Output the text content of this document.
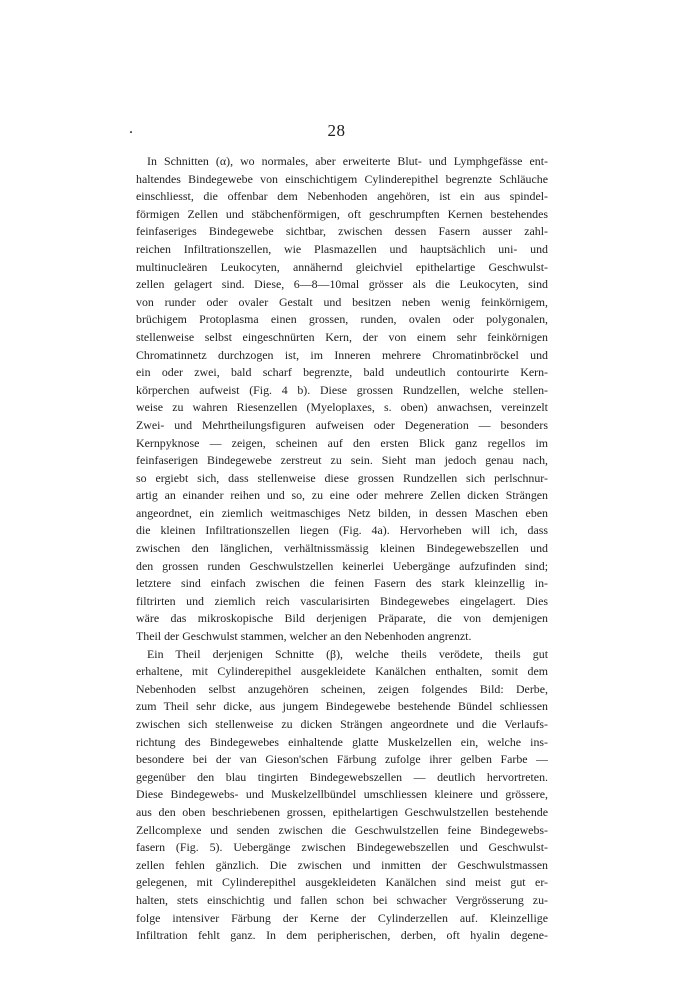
.	28
In Schnitten (α), wo normales, aber erweiterte Blut- und Lymphgefässe ent-
haltendes Bindegewebe von einschichtigem Cylinderepithel begrenzte Schläuche
einschliesst, die offenbar dem Nebenhoden angehören, ist ein aus spindel-
förmigen Zellen und stäbchenförmigen, oft geschrumpften Kernen bestehendes
feinfaseriges Bindegewebe sichtbar, zwischen dessen Fasern ausser zahl-
reichen Infiltrationszellen, wie Plasmazellen und hauptsächlich uni- und
multinucleären Leukocyten, annähernd gleichviel epithelartige Geschwulst-
zellen gelagert sind. Diese, 6—8—10mal grösser als die Leukocyten, sind
von runder oder ovaler Gestalt und besitzen neben wenig feinkörnigem,
brüchigem Protoplasma einen grossen, runden, ovalen oder polygonalen,
stellenweise selbst eingeschnürten Kern, der von einem sehr feinkörnigen
Chromatinnetz durchzogen ist, im Inneren mehrere Chromatinbröckel und
ein oder zwei, bald scharf begrenzte, bald undeutlich contourirte Kern-
körperchen aufweist (Fig. 4 b). Diese grossen Rundzellen, welche stellen-
weise zu wahren Riesenzellen (Myeloplaxes, s. oben) anwachsen, vereinzelt
Zwei- und Mehrtheilungsfiguren aufweisen oder Degeneration — besonders
Kernpyknose — zeigen, scheinen auf den ersten Blick ganz regellos im
feinfaserigen Bindegewebe zerstreut zu sein. Sieht man jedoch genau nach,
so ergiebt sich, dass stellenweise diese grossen Rundzellen sich perlschnur-
artig an einander reihen und so, zu eine oder mehrere Zellen dicken Strängen
angeordnet, ein ziemlich weitmaschiges Netz bilden, in dessen Maschen eben
die kleinen Infiltrationszellen liegen (Fig. 4a). Hervorheben will ich, dass
zwischen den länglichen, verhältnissmässig kleinen Bindegewebszellen und
den grossen runden Geschwulstzellen keinerlei Uebergänge aufzufinden sind;
letztere sind einfach zwischen die feinen Fasern des stark kleinzellig in-
filtrirten und ziemlich reich vascularisirten Bindegewebes eingelagert. Dies
wäre das mikroskopische Bild derjenigen Präparate, die von demjenigen
Theil der Geschwulst stammen, welcher an den Nebenhoden angrenzt.
Ein Theil derjenigen Schnitte (β), welche theils verödete, theils gut
erhaltene, mit Cylinderepithel ausgekleidete Kanälchen enthalten, somit dem
Nebenhoden selbst anzugehören scheinen, zeigen folgendes Bild: Derbe,
zum Theil sehr dicke, aus jungem Bindegewebe bestehende Bündel schliessen
zwischen sich stellenweise zu dicken Strängen angeordnete und die Verlaufs-
richtung des Bindegewebes einhaltende glatte Muskelzellen ein, welche ins-
besondere bei der van Gieson'schen Färbung zufolge ihrer gelben Farbe —
gegenüber den blau tingirten Bindegewebszellen — deutlich hervortreten.
Diese Bindegewebs- und Muskelzellbündel umschliessen kleinere und grössere,
aus den oben beschriebenen grossen, epithelartigen Geschwulstzellen bestehende
Zellcomplexe und senden zwischen die Geschwulstzellen feine Bindegewebs-
fasern (Fig. 5). Uebergänge zwischen Bindegewebszellen und Geschwulst-
zellen fehlen gänzlich. Die zwischen und inmitten der Geschwulstmassen
gelegenen, mit Cylinderepithel ausgekleideten Kanälchen sind meist gut er-
halten, stets einschichtig und fallen schon bei schwacher Vergrösserung zu-
folge intensiver Färbung der Kerne der Cylinderzellen auf. Kleinzellige
Infiltration fehlt ganz. In dem peripherischen, derben, oft hyalin degene-
